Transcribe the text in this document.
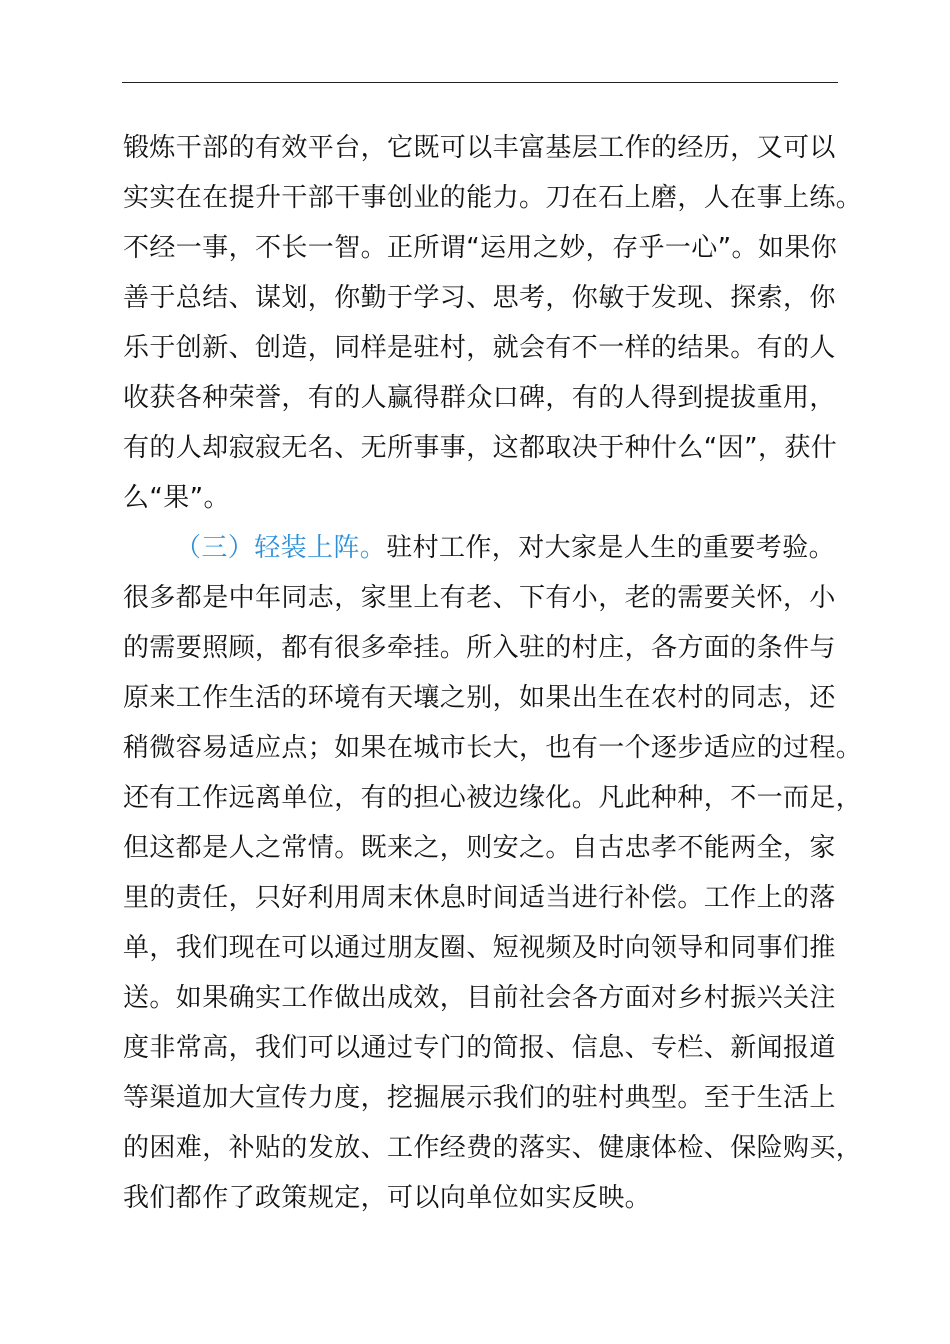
锻炼干部的有效平台，它既可以丰富基层工作的经历，又可以
实实在在提升干部干事创业的能力。刀在石上磨，人在事上练。
不经一事，不长一智。正所谓“运用之妙，存乎一心”。如果你
善于总结、谋划，你勤于学习、思考，你敏于发现、探索，你
乐于创新、创造，同样是驻村，就会有不一样的结果。有的人
收获各种荣誉，有的人赢得群众口碑，有的人得到提拔重用，
有的人却寂寂无名、无所事事，这都取决于种什么“因”，获什
么“果”。
（三）轻装上阵。驻村工作，对大家是人生的重要考验。
很多都是中年同志，家里上有老、下有小，老的需要关怀，小
的需要照顾，都有很多牵挂。所入驻的村庄，各方面的条件与
原来工作生活的环境有天壤之别，如果出生在农村的同志，还
稍微容易适应点；如果在城市长大，也有一个逐步适应的过程。
还有工作远离单位，有的担心被边缘化。凡此种种，不一而足，
但这都是人之常情。既来之，则安之。自古忠孝不能两全，家
里的责任，只好利用周末休息时间适当进行补偿。工作上的落
单，我们现在可以通过朋友圈、短视频及时向领导和同事们推
送。如果确实工作做出成效，目前社会各方面对乡村振兴关注
度非常高，我们可以通过专门的简报、信息、专栏、新闻报道
等渠道加大宣传力度，挖掘展示我们的驻村典型。至于生活上
的困难，补贴的发放、工作经费的落实、健康体检、保险购买，
我们都作了政策规定，可以向单位如实反映。
